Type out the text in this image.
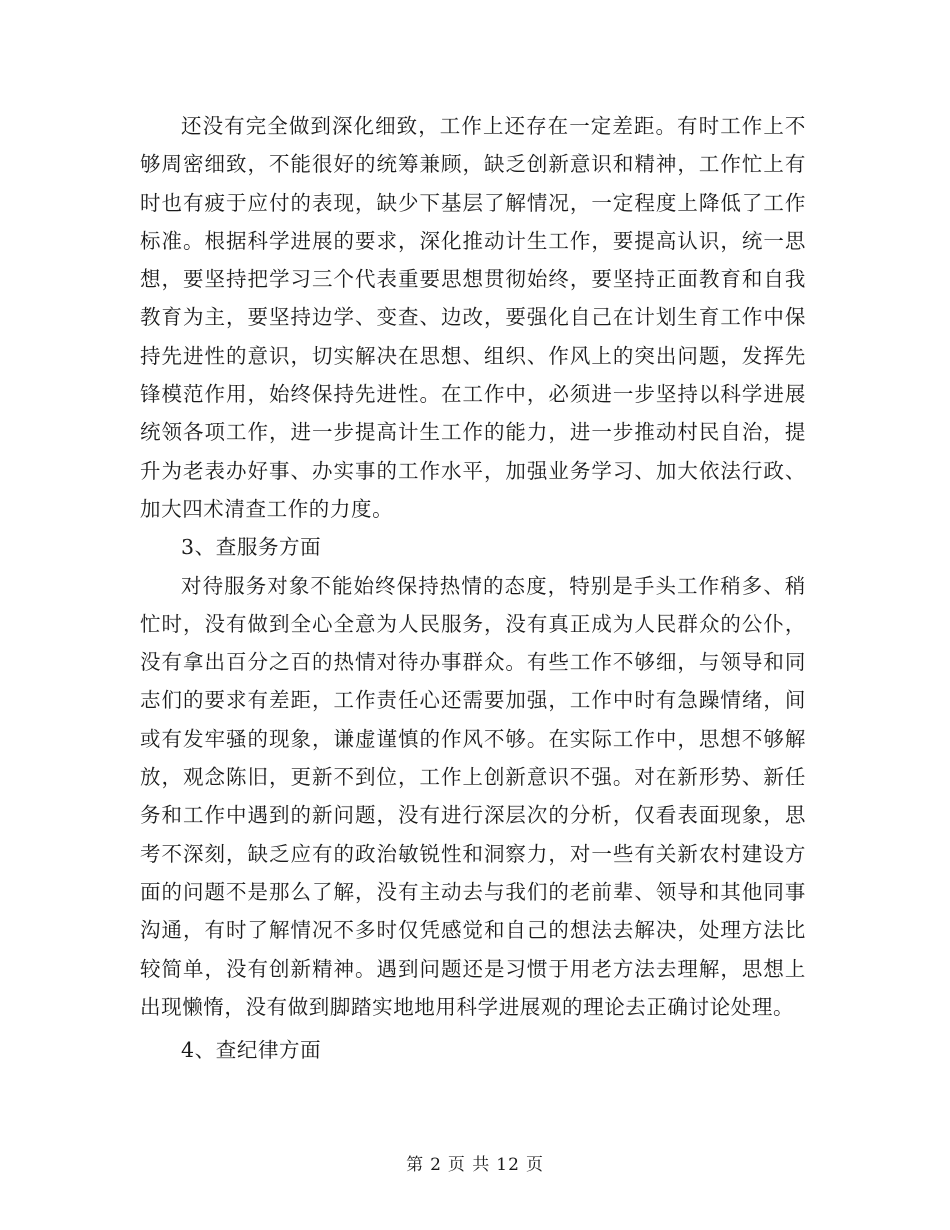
还没有完全做到深化细致，工作上还存在一定差距。有时工作上不够周密细致，不能很好的统筹兼顾，缺乏创新意识和精神，工作忙上有时也有疲于应付的表现，缺少下基层了解情况，一定程度上降低了工作标准。根据科学进展的要求，深化推动计生工作，要提高认识，统一思想，要坚持把学习三个代表重要思想贯彻始终，要坚持正面教育和自我教育为主，要坚持边学、变查、边改，要强化自己在计划生育工作中保持先进性的意识，切实解决在思想、组织、作风上的突出问题，发挥先锋模范作用，始终保持先进性。在工作中，必须进一步坚持以科学进展统领各项工作，进一步提高计生工作的能力，进一步推动村民自治，提升为老表办好事、办实事的工作水平，加强业务学习、加大依法行政、加大四术清查工作的力度。

3、查服务方面

对待服务对象不能始终保持热情的态度，特别是手头工作稍多、稍忙时，没有做到全心全意为人民服务，没有真正成为人民群众的公仆，没有拿出百分之百的热情对待办事群众。有些工作不够细，与领导和同志们的要求有差距，工作责任心还需要加强，工作中时有急躁情绪，间或有发牢骚的现象，谦虚谨慎的作风不够。在实际工作中，思想不够解放，观念陈旧，更新不到位，工作上创新意识不强。对在新形势、新任务和工作中遇到的新问题，没有进行深层次的分析，仅看表面现象，思考不深刻，缺乏应有的政治敏锐性和洞察力，对一些有关新农村建设方面的问题不是那么了解，没有主动去与我们的老前辈、领导和其他同事沟通，有时了解情况不多时仅凭感觉和自己的想法去解决，处理方法比较简单，没有创新精神。遇到问题还是习惯于用老方法去理解，思想上出现懒惰，没有做到脚踏实地地用科学进展观的理论去正确讨论处理。

4、查纪律方面

第 2 页 共 12 页
